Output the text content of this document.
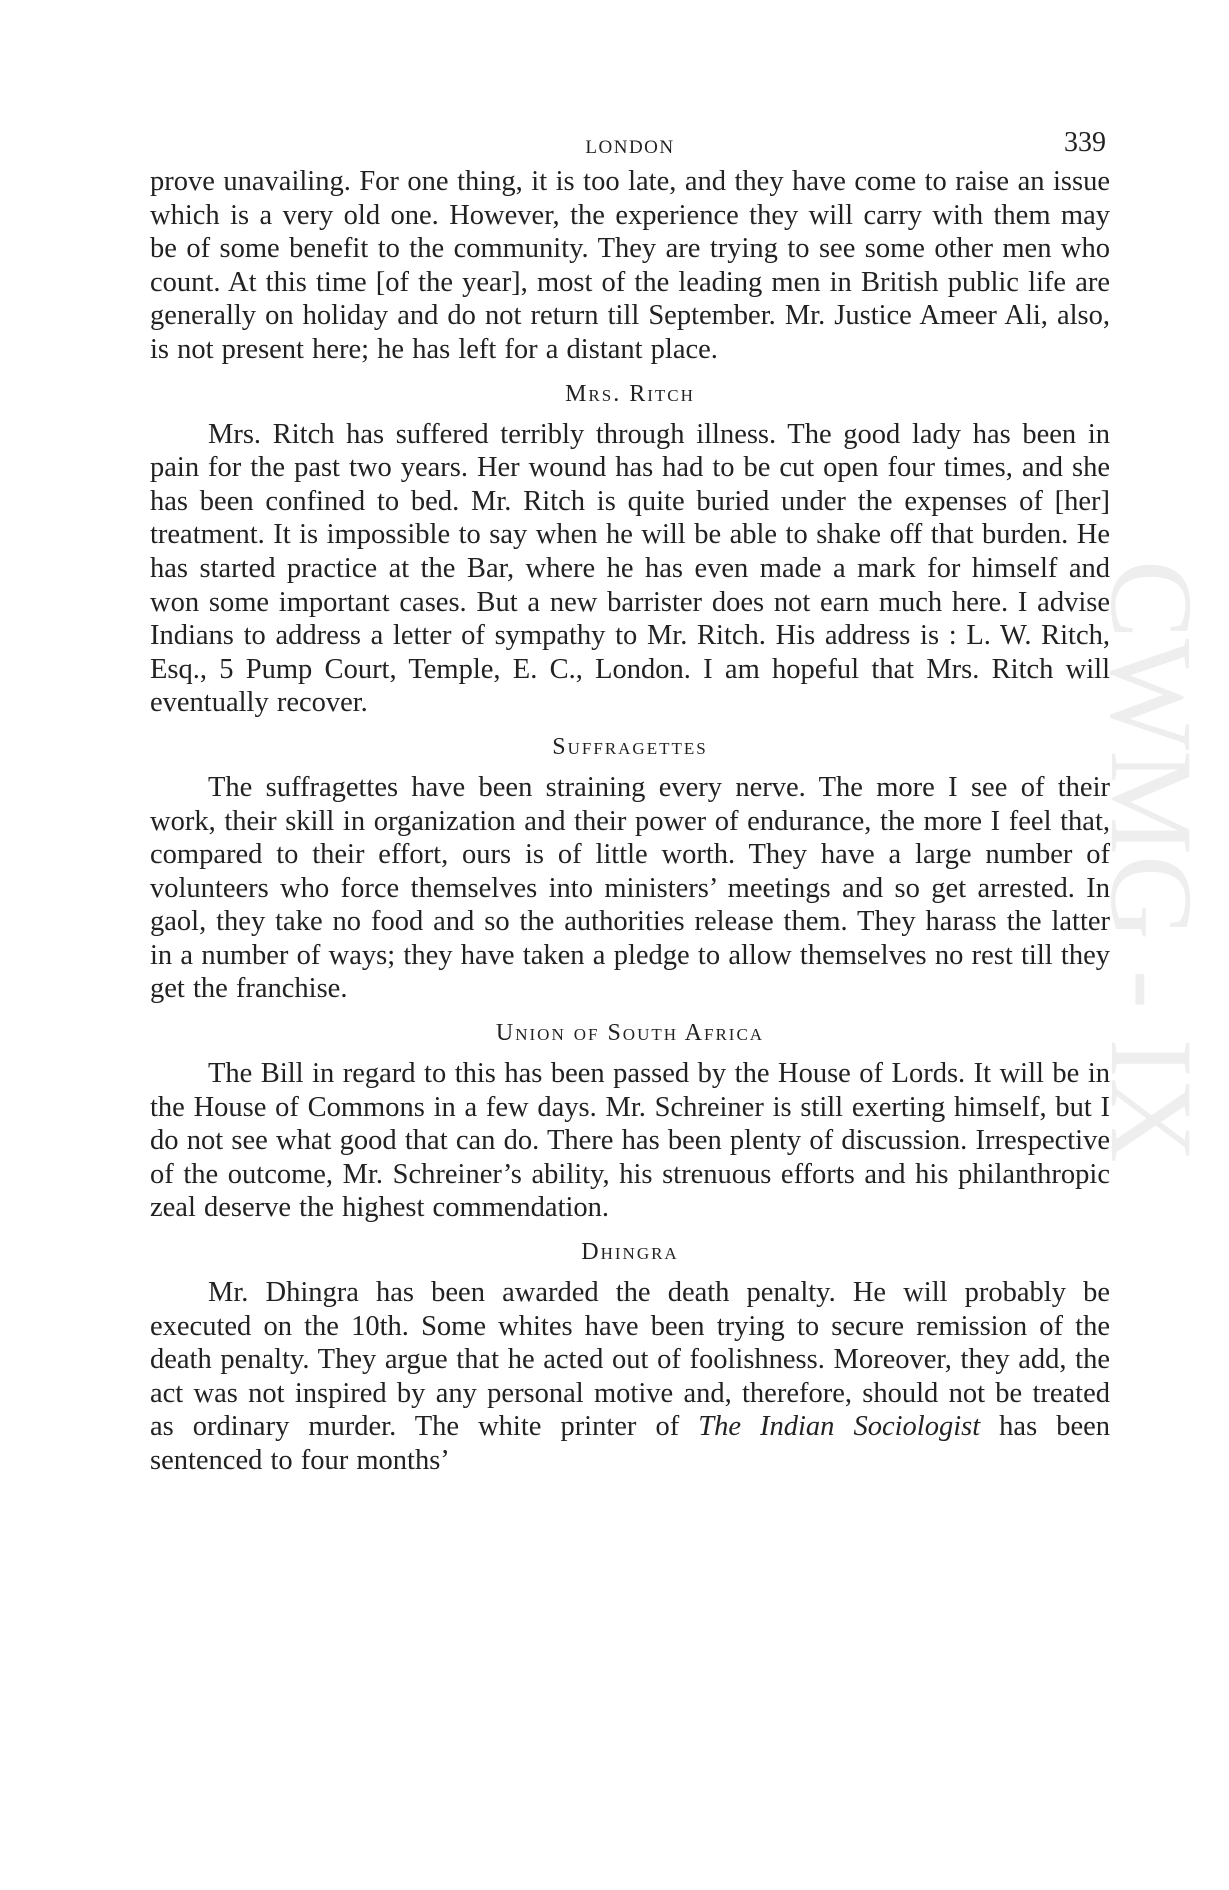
CWMG - IX
LONDON	339

prove unavailing. For one thing, it is too late, and they have come to raise an issue which is a very old one. However, the experience they will carry with them may be of some benefit to the community. They are trying to see some other men who count. At this time [of the year], most of the leading men in British public life are generally on holiday and do not return till September. Mr. Justice Ameer Ali, also, is not present here; he has left for a distant place.

Mrs. Ritch

Mrs. Ritch has suffered terribly through illness. The good lady has been in pain for the past two years. Her wound has had to be cut open four times, and she has been confined to bed. Mr. Ritch is quite buried under the expenses of [her] treatment. It is impossible to say when he will be able to shake off that burden. He has started practice at the Bar, where he has even made a mark for himself and won some important cases. But a new barrister does not earn much here. I advise Indians to address a letter of sympathy to Mr. Ritch. His address is : L. W. Ritch, Esq., 5 Pump Court, Temple, E. C., London. I am hopeful that Mrs. Ritch will eventually recover.

Suffragettes

The suffragettes have been straining every nerve. The more I see of their work, their skill in organization and their power of endurance, the more I feel that, compared to their effort, ours is of little worth. They have a large number of volunteers who force themselves into ministers’ meetings and so get arrested. In gaol, they take no food and so the authorities release them. They harass the latter in a number of ways; they have taken a pledge to allow themselves no rest till they get the franchise.

Union of South Africa

The Bill in regard to this has been passed by the House of Lords. It will be in the House of Commons in a few days. Mr. Schreiner is still exerting himself, but I do not see what good that can do. There has been plenty of discussion. Irrespective of the outcome, Mr. Schreiner’s ability, his strenuous efforts and his philanthropic zeal deserve the highest commendation.

Dhingra

Mr. Dhingra has been awarded the death penalty. He will probably be executed on the 10th. Some whites have been trying to secure remission of the death penalty. They argue that he acted out of foolishness. Moreover, they add, the act was not inspired by any personal motive and, therefore, should not be treated as ordinary murder. The white printer of The Indian Sociologist has been sentenced to four months’
